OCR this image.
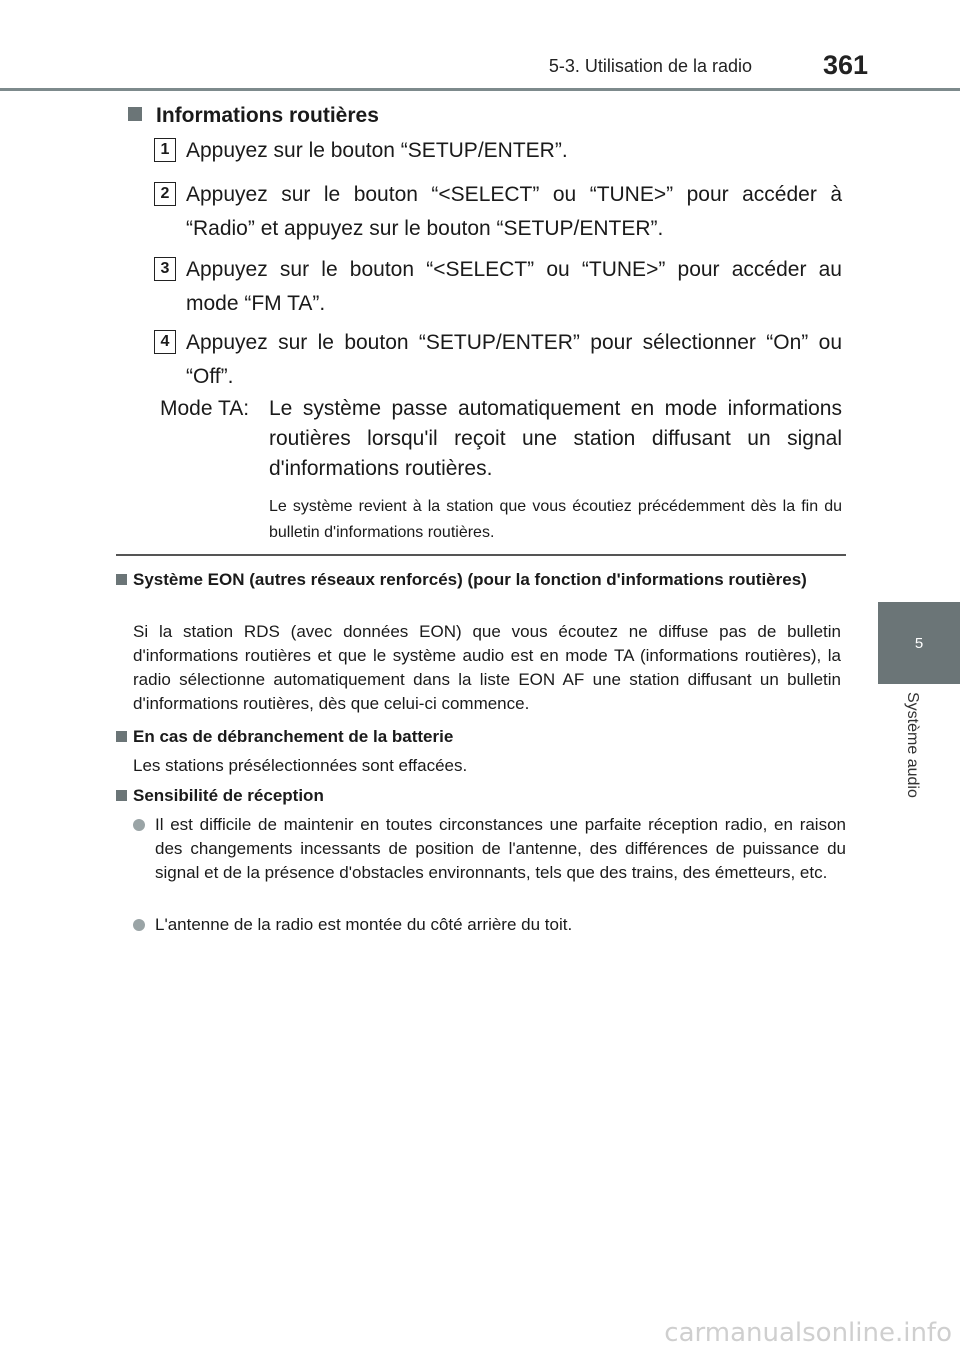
5-3. Utilisation de la radio	361
5
Système audio
Informations routières
1 Appuyez sur le bouton “SETUP/ENTER”.
2 Appuyez sur le bouton “<SELECT” ou “TUNE>” pour accéder à “Radio” et appuyez sur le bouton “SETUP/ENTER”.
3 Appuyez sur le bouton “<SELECT” ou “TUNE>” pour accéder au mode “FM TA”.
4 Appuyez sur le bouton “SETUP/ENTER” pour sélectionner “On” ou “Off”.
Mode TA: Le système passe automatiquement en mode informations routières lorsqu'il reçoit une station diffusant un signal d'informations routières.
Le système revient à la station que vous écoutiez précédemment dès la fin du bulletin d'informations routières.
Système EON (autres réseaux renforcés) (pour la fonction d'informations routières)
Si la station RDS (avec données EON) que vous écoutez ne diffuse pas de bulletin d'informations routières et que le système audio est en mode TA (informations routières), la radio sélectionne automatiquement dans la liste EON AF une station diffusant un bulletin d'informations routières, dès que celui-ci commence.
En cas de débranchement de la batterie
Les stations présélectionnées sont effacées.
Sensibilité de réception
Il est difficile de maintenir en toutes circonstances une parfaite réception radio, en raison des changements incessants de position de l'antenne, des différences de puissance du signal et de la présence d'obstacles environnants, tels que des trains, des émetteurs, etc.
L'antenne de la radio est montée du côté arrière du toit.
carmanualsonline.info
